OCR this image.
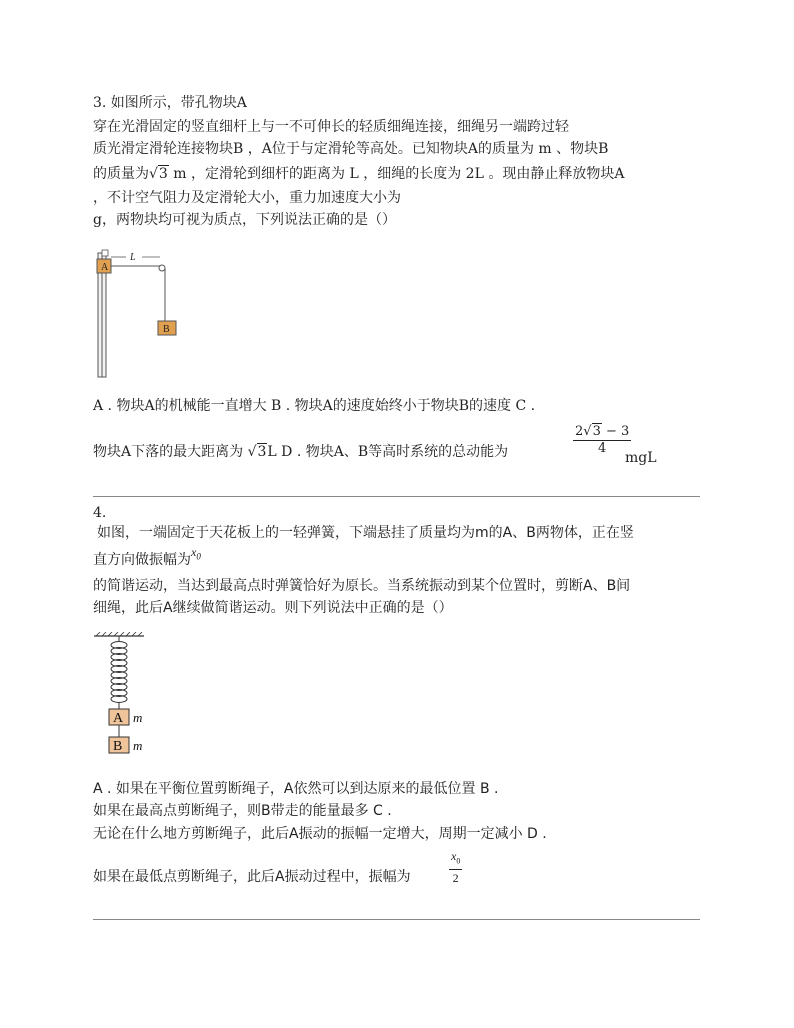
3. 如图所示，带孔物块A
穿在光滑固定的竖直细杆上与一不可伸长的轻质细绳连接，细绳另一端跨过轻
质光滑定滑轮连接物块B ，A位于与定滑轮等高处。已知物块A的质量为 m 、物块B
的质量为√3 m ，定滑轮到细杆的距离为 L ，细绳的长度为 2L 。现由静止释放物块A
，不计空气阻力及定滑轮大小，重力加速度大小为
g，两物块均可视为质点，下列说法正确的是（）
A
B
L
A . 物块A的机械能一直增大 B . 物块A的速度始终小于物块B的速度 C .
物块A下落的最大距离为 √3L D . 物块A、B等高时系统的总动能为	$\frac{2√3 - 3}{4}$
mgL
4.
如图，一端固定于天花板上的一轻弹簧，下端悬挂了质量均为m的A、B两物体，正在竖
直方向做振幅为$x_0$
的简谐运动，当达到最高点时弹簧恰好为原长。当系统振动到某个位置时，剪断A、B间
细绳，此后A继续做简谐运动。则下列说法中正确的是（）
A m
B m
A . 如果在平衡位置剪断绳子，A依然可以到达原来的最低位置 B .
如果在最高点剪断绳子，则B带走的能量最多 C .
无论在什么地方剪断绳子，此后A振动的振幅一定增大，周期一定减小 D .
$\frac{x_0}{2}$
如果在最低点剪断绳子，此后A振动过程中，振幅为
